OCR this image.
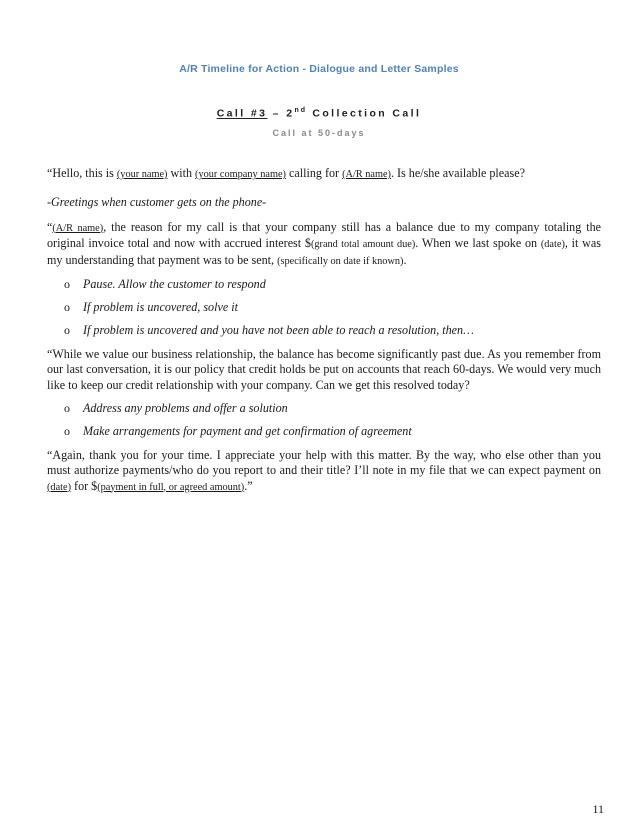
A/R Timeline for Action - Dialogue and Letter Samples
Call #3 – 2nd Collection Call
Call at 50-days

“Hello, this is (your name) with (your company name) calling for (A/R name). Is he/she available please?

-Greetings when customer gets on the phone-

“(A/R name), the reason for my call is that your company still has a balance due to my company totaling the original invoice total and now with accrued interest $(grand total amount due). When we last spoke on (date), it was my understanding that payment was to be sent, (specifically on date if known).

o Pause. Allow the customer to respond
o If problem is uncovered, solve it
o If problem is uncovered and you have not been able to reach a resolution, then…

“While we value our business relationship, the balance has become significantly past due. As you remember from our last conversation, it is our policy that credit holds be put on accounts that reach 60-days. We would very much like to keep our credit relationship with your company. Can we get this resolved today?

o Address any problems and offer a solution
o Make arrangements for payment and get confirmation of agreement

“Again, thank you for your time. I appreciate your help with this matter. By the way, who else other than you must authorize payments/who do you report to and their title? I’ll note in my file that we can expect payment on (date) for $(payment in full, or agreed amount).”

11
